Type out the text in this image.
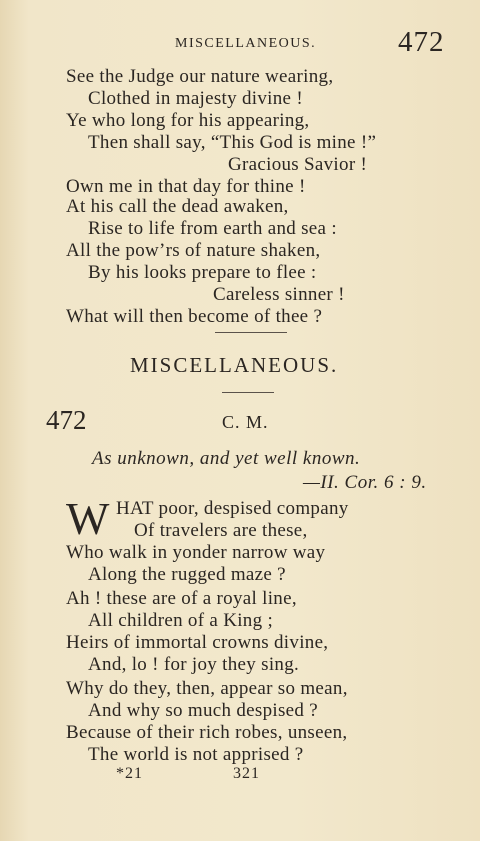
MISCELLANEOUS.	472
See the Judge our nature wearing,
Clothed in majesty divine !
Ye who long for his appearing,
Then shall say, “This God is mine !”
Gracious Savior !
Own me in that day for thine !
At his call the dead awaken,
Rise to life from earth and sea :
All the pow’rs of nature shaken,
By his looks prepare to flee :
Careless sinner !
What will then become of thee ?
MISCELLANEOUS.
472	C. M.
As unknown, and yet well known.
—II. Cor. 6 : 9.
W HAT poor, despised company
Of travelers are these,
Who walk in yonder narrow way
Along the rugged maze ?
Ah ! these are of a royal line,
All children of a King ;
Heirs of immortal crowns divine,
And, lo ! for joy they sing.
Why do they, then, appear so mean,
And why so much despised ?
Because of their rich robes, unseen,
The world is not apprised ?
*21	321
